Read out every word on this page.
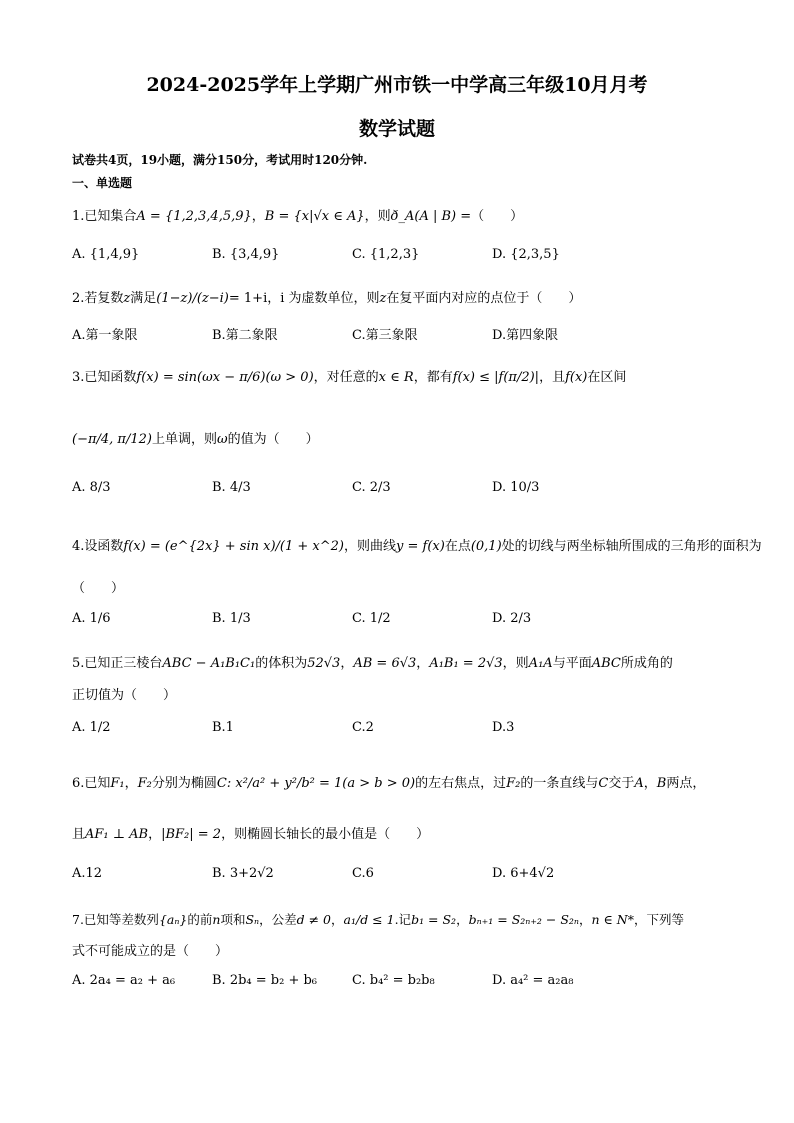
2024-2025学年上学期广州市铁一中学高三年级10月月考
数学试题
试卷共4页，19小题，满分150分，考试用时120分钟.
一、单选题
1.已知集合A = {1,2,3,4,5,9}，B = {x|√x ∈ A}，则ð_A(A | B) =（　　）
A. {1,4,9}	B. {3,4,9}	C. {1,2,3}	D. {2,3,5}
2.若复数z满足(1−z)/(z−i)= 1+i，i 为虚数单位，则z在复平面内对应的点位于（　　）
A.第一象限	B.第二象限	C.第三象限	D.第四象限
3.已知函数f(x) = sin(ωx − π/6)(ω > 0)，对任意的x ∈ R，都有f(x) ≤ |f(π/2)|，且f(x)在区间
(−π/4, π/12)上单调，则ω的值为（　　）
A. 8/3	B. 4/3	C. 2/3	D. 10/3
4.设函数f(x) = (e^{2x} + sin x)/(1 + x^2)，则曲线y = f(x)在点(0,1)处的切线与两坐标轴所围成的三角形的面积为
（　　）
A. 1/6	B. 1/3	C. 1/2	D. 2/3
5.已知正三棱台ABC − A₁B₁C₁的体积为52√3，AB = 6√3，A₁B₁ = 2√3，则A₁A与平面ABC所成角的
正切值为（　　）
A. 1/2	B.1	C.2	D.3
6.已知F₁，F₂分别为椭圆C: x²/a² + y²/b² = 1(a > b > 0)的左右焦点，过F₂的一条直线与C交于A，B两点，
且AF₁ ⊥ AB，|BF₂| = 2，则椭圆长轴长的最小值是（　　）
A.12	B. 3+2√2	C.6	D. 6+4√2
7.已知等差数列{aₙ}的前n项和Sₙ，公差d ≠ 0，a₁/d ≤ 1.记b₁ = S₂，bₙ₊₁ = S₂ₙ₊₂ − S₂ₙ，n ∈ N*，下列等
式不可能成立的是（　　）
A. 2a₄ = a₂ + a₆	B. 2b₄ = b₂ + b₆	C. b₄² = b₂b₈	D. a₄² = a₂a₈
